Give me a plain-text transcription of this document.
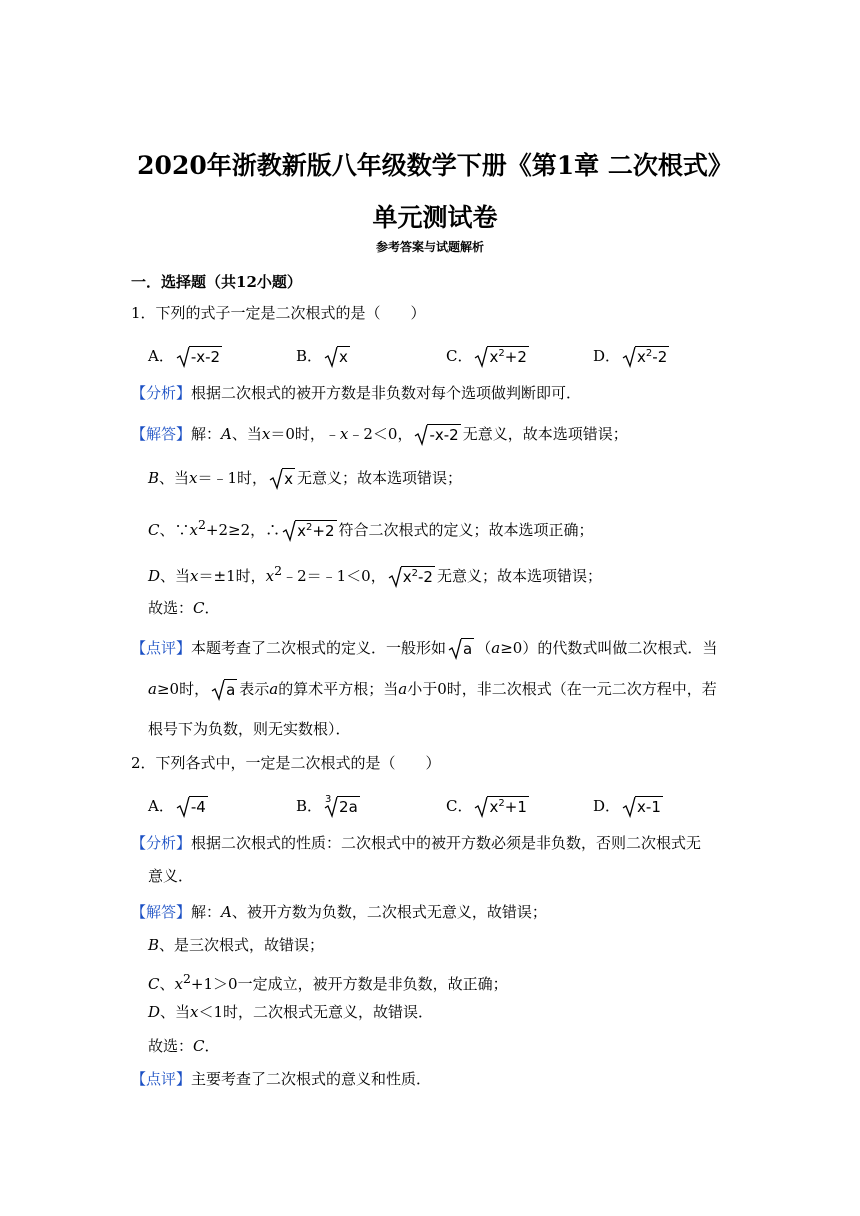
2020年浙教新版八年级数学下册《第1章 二次根式》单元测试卷
参考答案与试题解析
一．选择题（共12小题）
1．下列的式子一定是二次根式的是（　　）
A． -x-2	B． x	C． $x^2+2$	D． $x^2-2$
【分析】根据二次根式的被开方数是非负数对每个选项做判断即可．
【解答】解：A、当x＝0时，﹣x﹣2＜0， -x-2 无意义，故本选项错误；
B、当x＝﹣1时， x 无意义；故本选项错误；
C、$\because x^2+2\ge 2$，∴ $x^2+2$ 符合二次根式的定义；故本选项正确；
D、当x＝±1时，$x^2﹣2=﹣1<0$， $x^2-2$ 无意义；故本选项错误；
故选：C．
【点评】本题考查了二次根式的定义．一般形如 a （a≥0）的代数式叫做二次根式．当
a≥0时， a 表示a的算术平方根；当a小于0时，非二次根式（在一元二次方程中，若
根号下为负数，则无实数根）．
2．下列各式中，一定是二次根式的是（　　）
A． -4	B． 3 2a	C． $x^2+1$	D． x-1
【分析】根据二次根式的性质：二次根式中的被开方数必须是非负数，否则二次根式无
意义．
【解答】解：A、被开方数为负数，二次根式无意义，故错误；
B、是三次根式，故错误；
C、$x^2+1>0$一定成立，被开方数是非负数，故正确；
D、当x＜1时，二次根式无意义，故错误．
故选：C．
【点评】主要考查了二次根式的意义和性质．
